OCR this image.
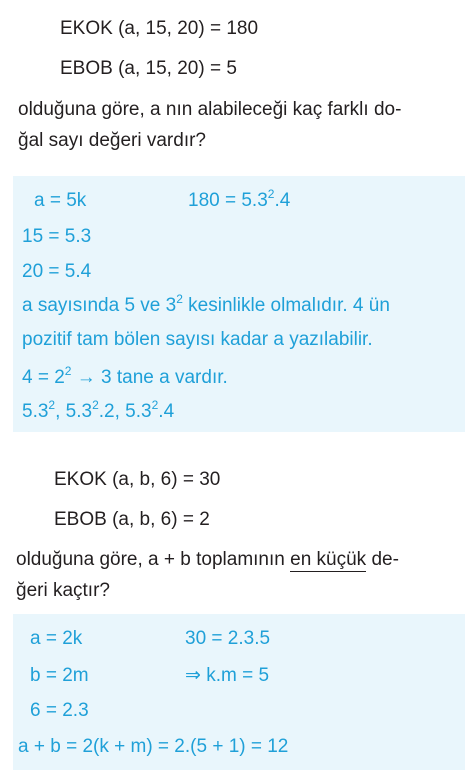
EKOK (a, 15, 20) = 180
EBOB (a, 15, 20) = 5
olduğuna göre, a nın alabileceği kaç farklı do-
ğal sayı değeri vardır?
a = 5k	$180 = 5.3^2.4$
15 = 5.3
20 = 5.4
a sayısında 5 ve $3^2$ kesinlikle olmalıdır. 4 ün
pozitif tam bölen sayısı kadar a yazılabilir.
$4 = 2^2 \to 3$ tane a vardır.
$5.3^2$, $5.3^2.2$, $5.3^2.4$
EKOK (a, b, 6) = 30
EBOB (a, b, 6) = 2
olduğuna göre, a + b toplamının en küçük de-
ğeri kaçtır?
a = 2k	30 = 2.3.5
b = 2m	⇒ k.m = 5
6 = 2.3
a + b = 2(k + m) = 2.(5 + 1) = 12
